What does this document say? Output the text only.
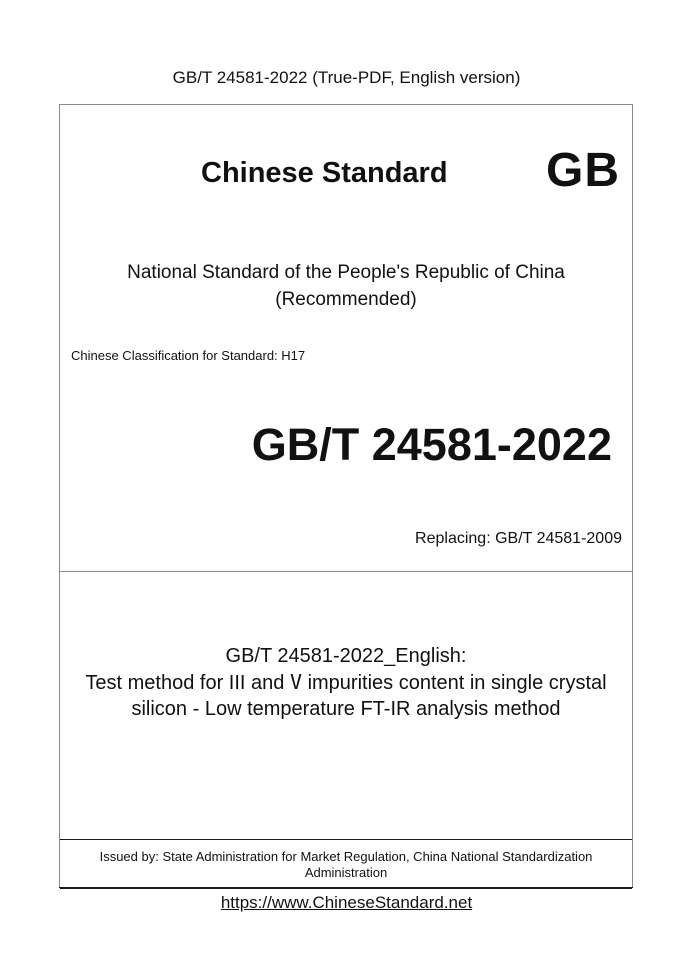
GB/T 24581-2022 (True-PDF, English version)
Chinese Standard GB
National Standard of the People's Republic of China
(Recommended)
Chinese Classification for Standard: H17
GB/T 24581-2022
Replacing: GB/T 24581-2009
GB/T 24581-2022_English:
Test method for III and V impurities content in single crystal
silicon - Low temperature FT-IR analysis method
Issued by: State Administration for Market Regulation, China National Standardization
Administration
https://www.ChineseStandard.net
